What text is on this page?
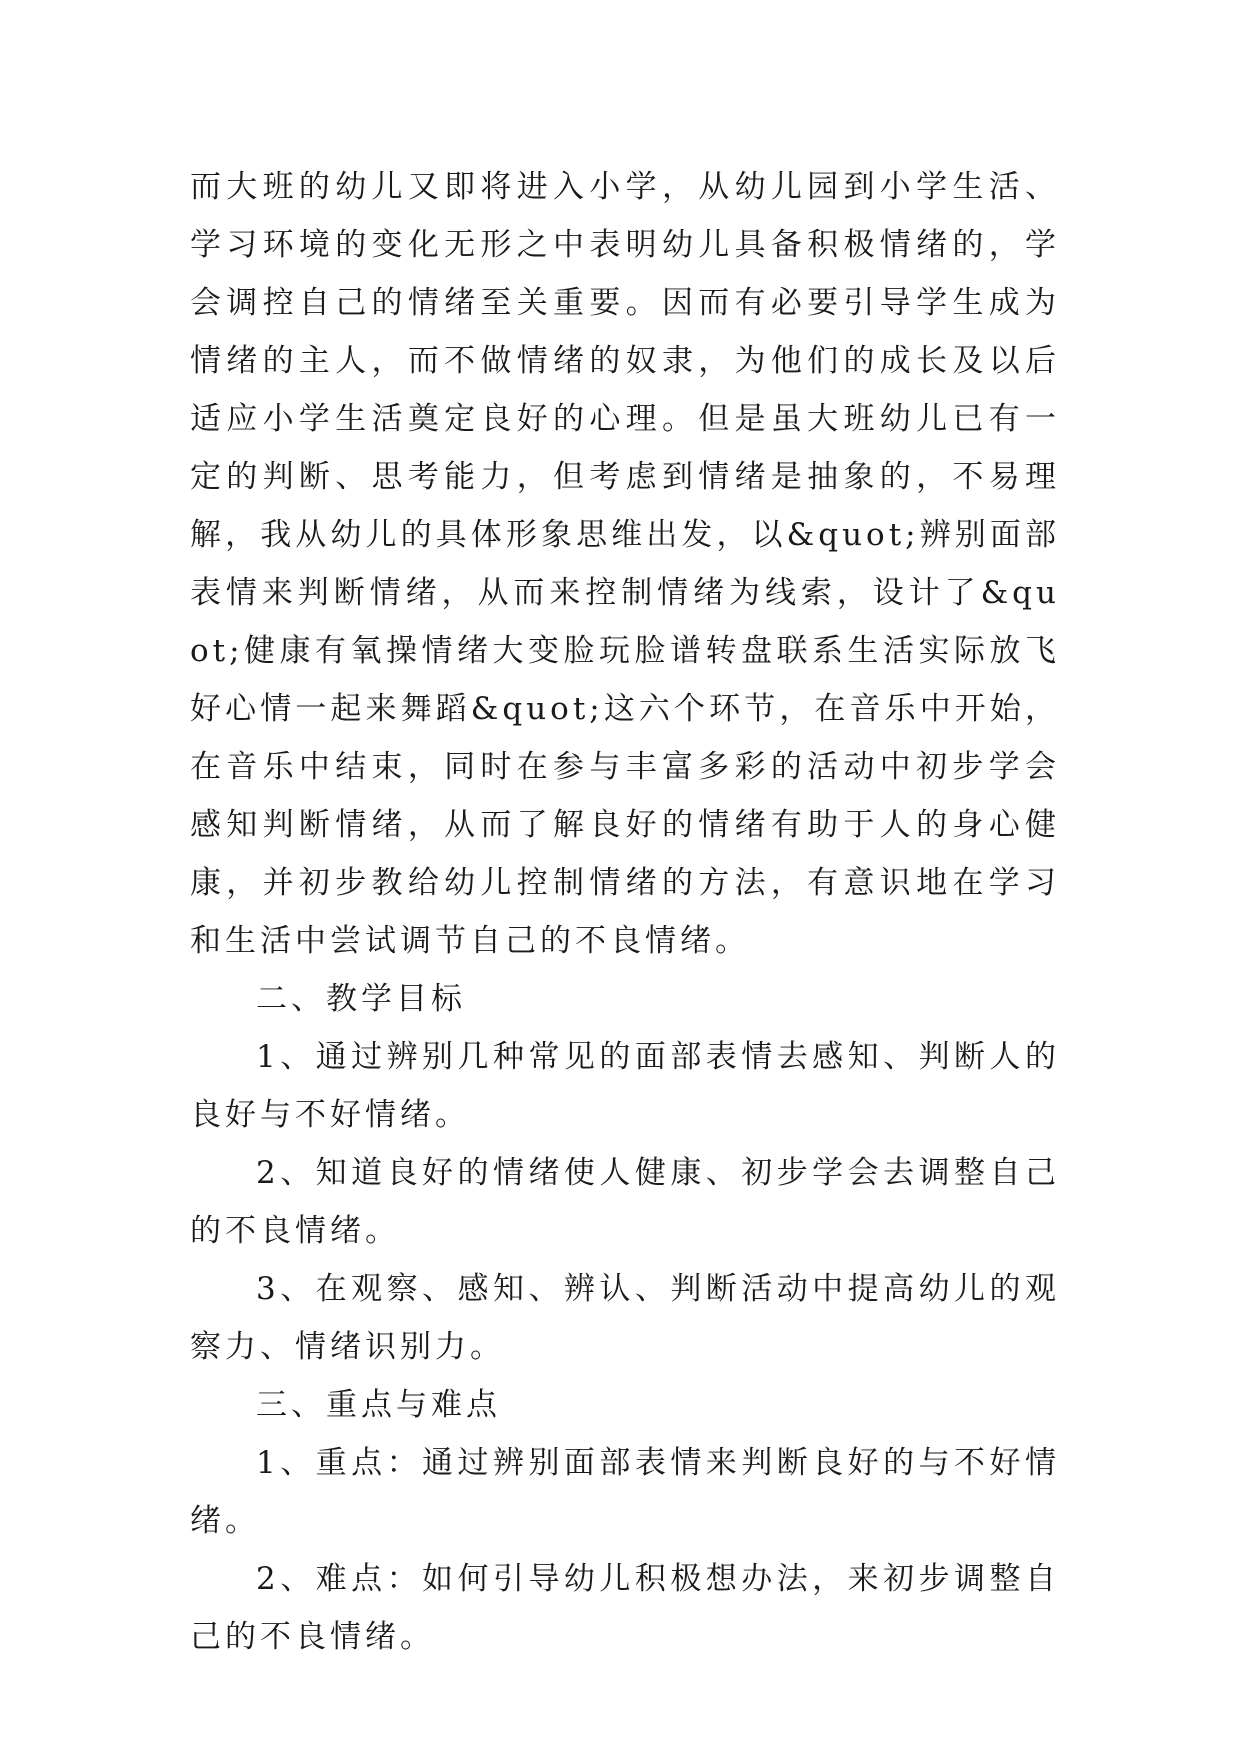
而大班的幼儿又即将进入小学，从幼儿园到小学生活、学习环境的变化无形之中表明幼儿具备积极情绪的，学会调控自己的情绪至关重要。因而有必要引导学生成为情绪的主人，而不做情绪的奴隶，为他们的成长及以后适应小学生活奠定良好的心理。但是虽大班幼儿已有一定的判断、思考能力，但考虑到情绪是抽象的，不易理解，我从幼儿的具体形象思维出发，以&quot;辨别面部表情来判断情绪，从而来控制情绪为线索，设计了&quot;健康有氧操情绪大变脸玩脸谱转盘联系生活实际放飞好心情一起来舞蹈&quot;这六个环节，在音乐中开始，在音乐中结束，同时在参与丰富多彩的活动中初步学会感知判断情绪，从而了解良好的情绪有助于人的身心健康，并初步教给幼儿控制情绪的方法，有意识地在学习和生活中尝试调节自己的不良情绪。

二、教学目标

1、通过辨别几种常见的面部表情去感知、判断人的良好与不好情绪。

2、知道良好的情绪使人健康、初步学会去调整自己的不良情绪。

3、在观察、感知、辨认、判断活动中提高幼儿的观察力、情绪识别力。

三、重点与难点

1、重点：通过辨别面部表情来判断良好的与不好情绪。

2、难点：如何引导幼儿积极想办法，来初步调整自己的不良情绪。
